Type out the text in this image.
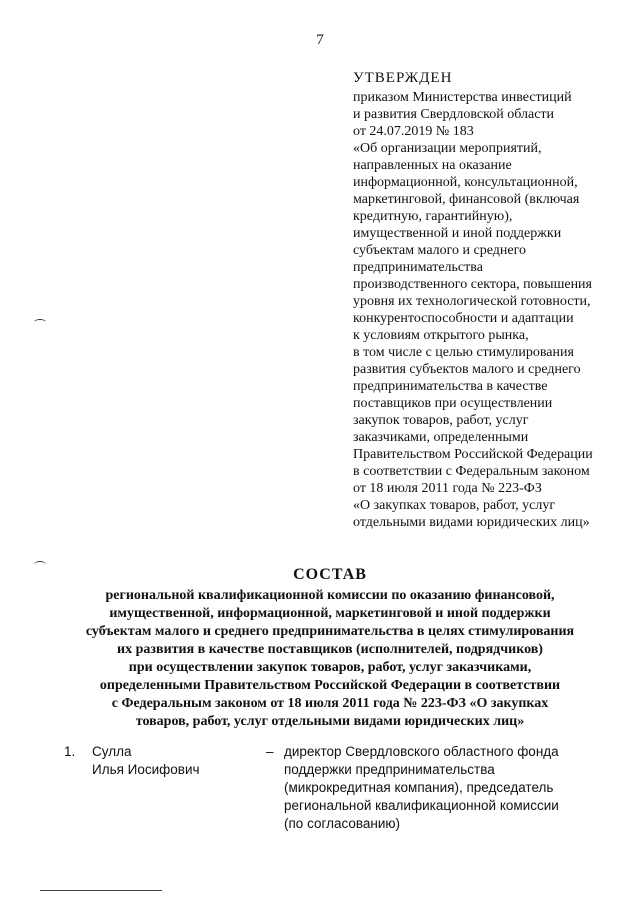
7
УТВЕРЖДЕН
приказом Министерства инвестиций
и развития Свердловской области
от 24.07.2019 № 183
«Об организации мероприятий,
направленных на оказание
информационной, консультационной,
маркетинговой, финансовой (включая
кредитную, гарантийную),
имущественной и иной поддержки
субъектам малого и среднего
предпринимательства
производственного сектора, повышения
уровня их технологической готовности,
конкурентоспособности и адаптации
к условиям открытого рынка,
в том числе с целью стимулирования
развития субъектов малого и среднего
предпринимательства в качестве
поставщиков при осуществлении
закупок товаров, работ, услуг
заказчиками, определенными
Правительством Российской Федерации
в соответствии с Федеральным законом
от 18 июля 2011 года № 223-ФЗ
«О закупках товаров, работ, услуг
отдельными видами юридических лиц»
СОСТАВ
региональной квалификационной комиссии по оказанию финансовой,
имущественной, информационной, маркетинговой и иной поддержки
субъектам малого и среднего предпринимательства в целях стимулирования
их развития в качестве поставщиков (исполнителей, подрядчиков)
при осуществлении закупок товаров, работ, услуг заказчиками,
определенными Правительством Российской Федерации в соответствии
с Федеральным законом от 18 июля 2011 года № 223-ФЗ «О закупках
товаров, работ, услуг отдельными видами юридических лиц»
1. Сулла
Илья Иосифович
– директор Свердловского областного фонда
поддержки предпринимательства
(микрокредитная компания), председатель
региональной квалификационной комиссии
(по согласованию)
